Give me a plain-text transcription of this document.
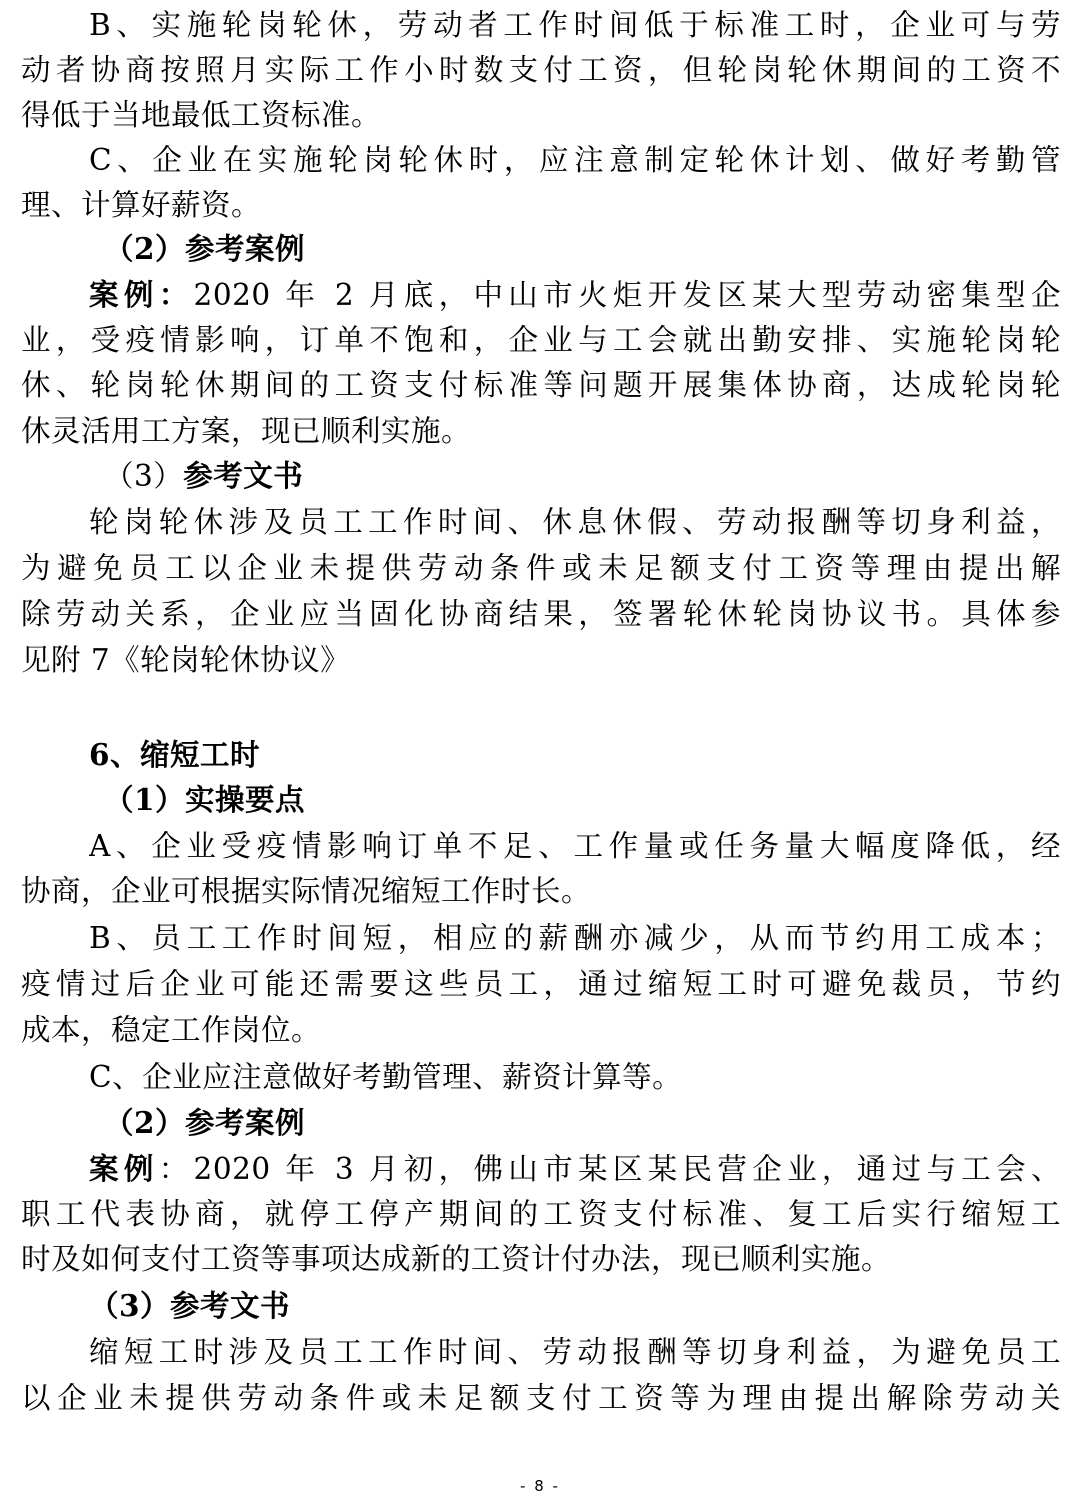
B、实施轮岗轮休，劳动者工作时间低于标准工时，企业可与劳
动者协商按照月实际工作小时数支付工资，但轮岗轮休期间的工资不
得低于当地最低工资标准。
C、企业在实施轮岗轮休时，应注意制定轮休计划、做好考勤管
理、计算好薪资。
（2）参考案例
案例：2020 年 2 月底，中山市火炬开发区某大型劳动密集型企
业，受疫情影响，订单不饱和，企业与工会就出勤安排、实施轮岗轮
休、轮岗轮休期间的工资支付标准等问题开展集体协商，达成轮岗轮
休灵活用工方案，现已顺利实施。
（3）参考文书
轮岗轮休涉及员工工作时间、休息休假、劳动报酬等切身利益，
为避免员工以企业未提供劳动条件或未足额支付工资等理由提出解
除劳动关系，企业应当固化协商结果，签署轮休轮岗协议书。具体参
见附 7《轮岗轮休协议》
6、缩短工时
（1）实操要点
A、企业受疫情影响订单不足、工作量或任务量大幅度降低，经
协商，企业可根据实际情况缩短工作时长。
B、员工工作时间短，相应的薪酬亦减少，从而节约用工成本；
疫情过后企业可能还需要这些员工，通过缩短工时可避免裁员，节约
成本，稳定工作岗位。
C、企业应注意做好考勤管理、薪资计算等。
（2）参考案例
案例：2020 年 3 月初，佛山市某区某民营企业，通过与工会、
职工代表协商，就停工停产期间的工资支付标准、复工后实行缩短工
时及如何支付工资等事项达成新的工资计付办法，现已顺利实施。
（3）参考文书
缩短工时涉及员工工作时间、劳动报酬等切身利益，为避免员工
以企业未提供劳动条件或未足额支付工资等为理由提出解除劳动关
- 8 -
